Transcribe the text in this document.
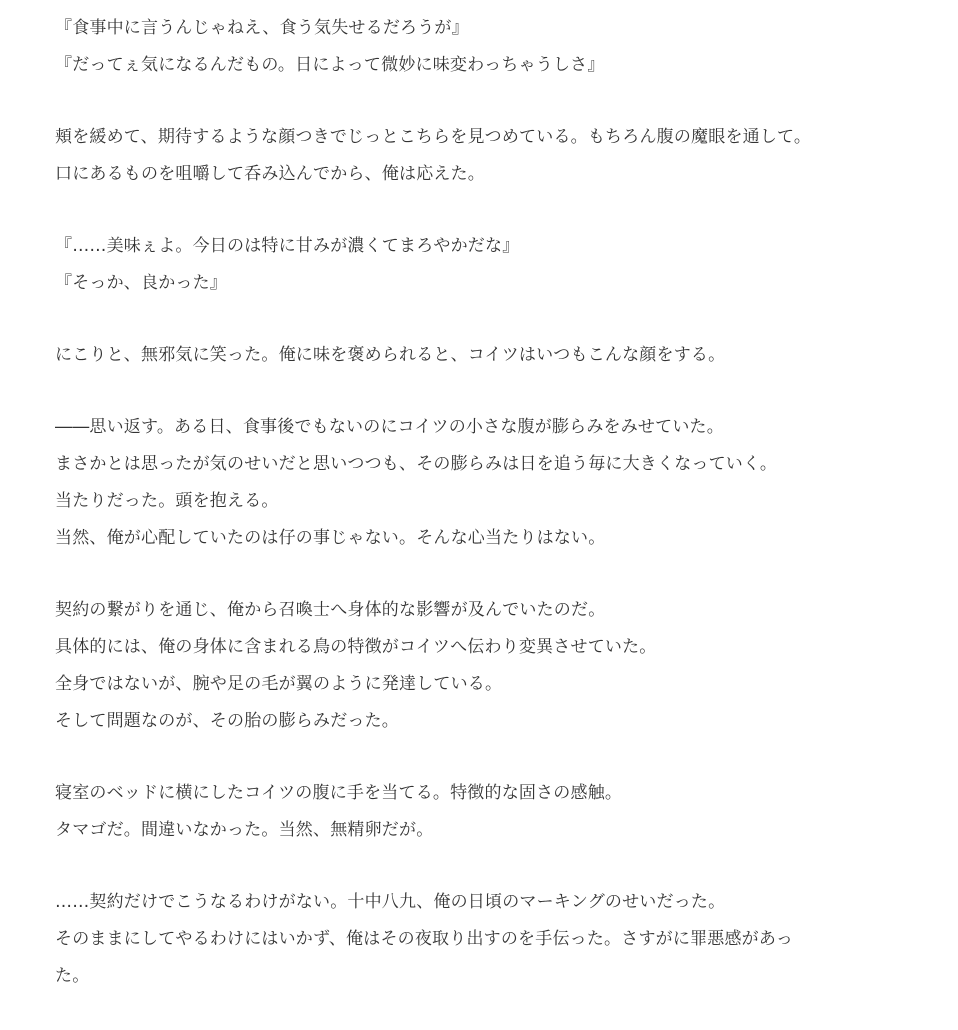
『食事中に言うんじゃねえ、食う気失せるだろうが』
『だってぇ気になるんだもの。日によって微妙に味変わっちゃうしさ』
頬を緩めて、期待するような顔つきでじっとこちらを見つめている。もちろん腹の魔眼を通して。
口にあるものを咀嚼して呑み込んでから、俺は応えた。
『……美味ぇよ。今日のは特に甘みが濃くてまろやかだな』
『そっか、良かった』
にこりと、無邪気に笑った。俺に味を褒められると、コイツはいつもこんな顔をする。
――思い返す。ある日、食事後でもないのにコイツの小さな腹が膨らみをみせていた。
まさかとは思ったが気のせいだと思いつつも、その膨らみは日を追う毎に大きくなっていく。
当たりだった。頭を抱える。
当然、俺が心配していたのは仔の事じゃない。そんな心当たりはない。
契約の繋がりを通じ、俺から召喚士へ身体的な影響が及んでいたのだ。
具体的には、俺の身体に含まれる鳥の特徴がコイツへ伝わり変異させていた。
全身ではないが、腕や足の毛が翼のように発達している。
そして問題なのが、その胎の膨らみだった。
寝室のベッドに横にしたコイツの腹に手を当てる。特徴的な固さの感触。
タマゴだ。間違いなかった。当然、無精卵だが。
……契約だけでこうなるわけがない。十中八九、俺の日頃のマーキングのせいだった。
そのままにしてやるわけにはいかず、俺はその夜取り出すのを手伝った。さすがに罪悪感があっ
た。
